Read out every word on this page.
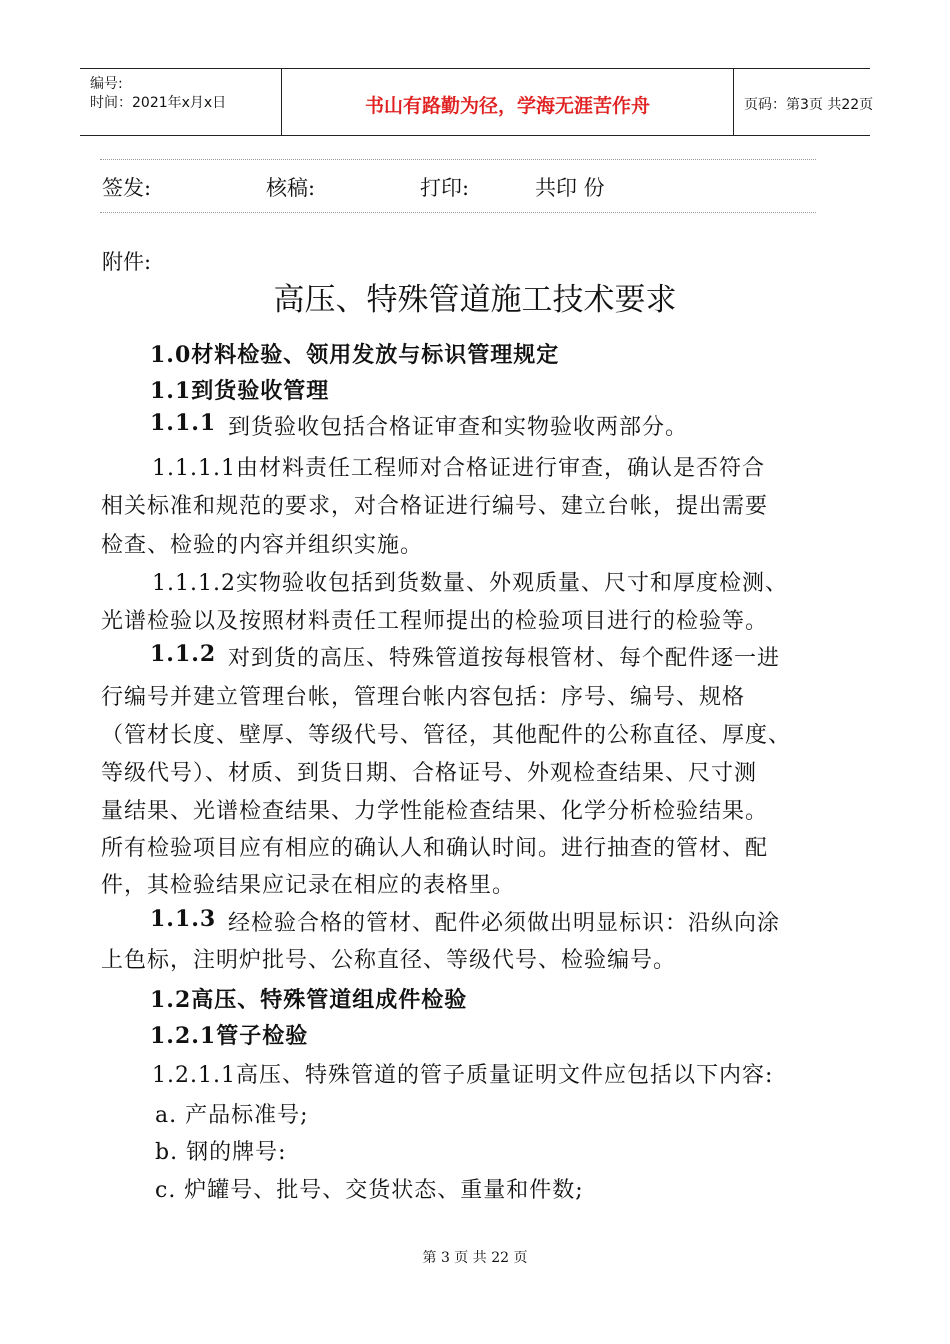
编号:
时间：2021年x月x日	书山有路勤为径，学海无涯苦作舟	页码：第3页 共22页
签发:	核稿:	打印:	共印 份
附件:
高压、特殊管道施工技术要求
1.0材料检验、领用发放与标识管理规定
1.1到货验收管理
1.1.1 到货验收包括合格证审查和实物验收两部分。
1.1.1.1由材料责任工程师对合格证进行审查，确认是否符合
相关标准和规范的要求，对合格证进行编号、建立台帐，提出需要
检查、检验的内容并组织实施。
1.1.1.2实物验收包括到货数量、外观质量、尺寸和厚度检测、
光谱检验以及按照材料责任工程师提出的检验项目进行的检验等。
1.1.2 对到货的高压、特殊管道按每根管材、每个配件逐一进
行编号并建立管理台帐，管理台帐内容包括：序号、编号、规格
（管材长度、壁厚、等级代号、管径，其他配件的公称直径、厚度、
等级代号）、材质、到货日期、合格证号、外观检查结果、尺寸测
量结果、光谱检查结果、力学性能检查结果、化学分析检验结果。
所有检验项目应有相应的确认人和确认时间。进行抽查的管材、配
件，其检验结果应记录在相应的表格里。
1.1.3 经检验合格的管材、配件必须做出明显标识：沿纵向涂
上色标，注明炉批号、公称直径、等级代号、检验编号。
1.2高压、特殊管道组成件检验
1.2.1管子检验
1.2.1.1高压、特殊管道的管子质量证明文件应包括以下内容:
a. 产品标准号;
b. 钢的牌号:
c. 炉罐号、批号、交货状态、重量和件数;
第 3 页 共 22 页
